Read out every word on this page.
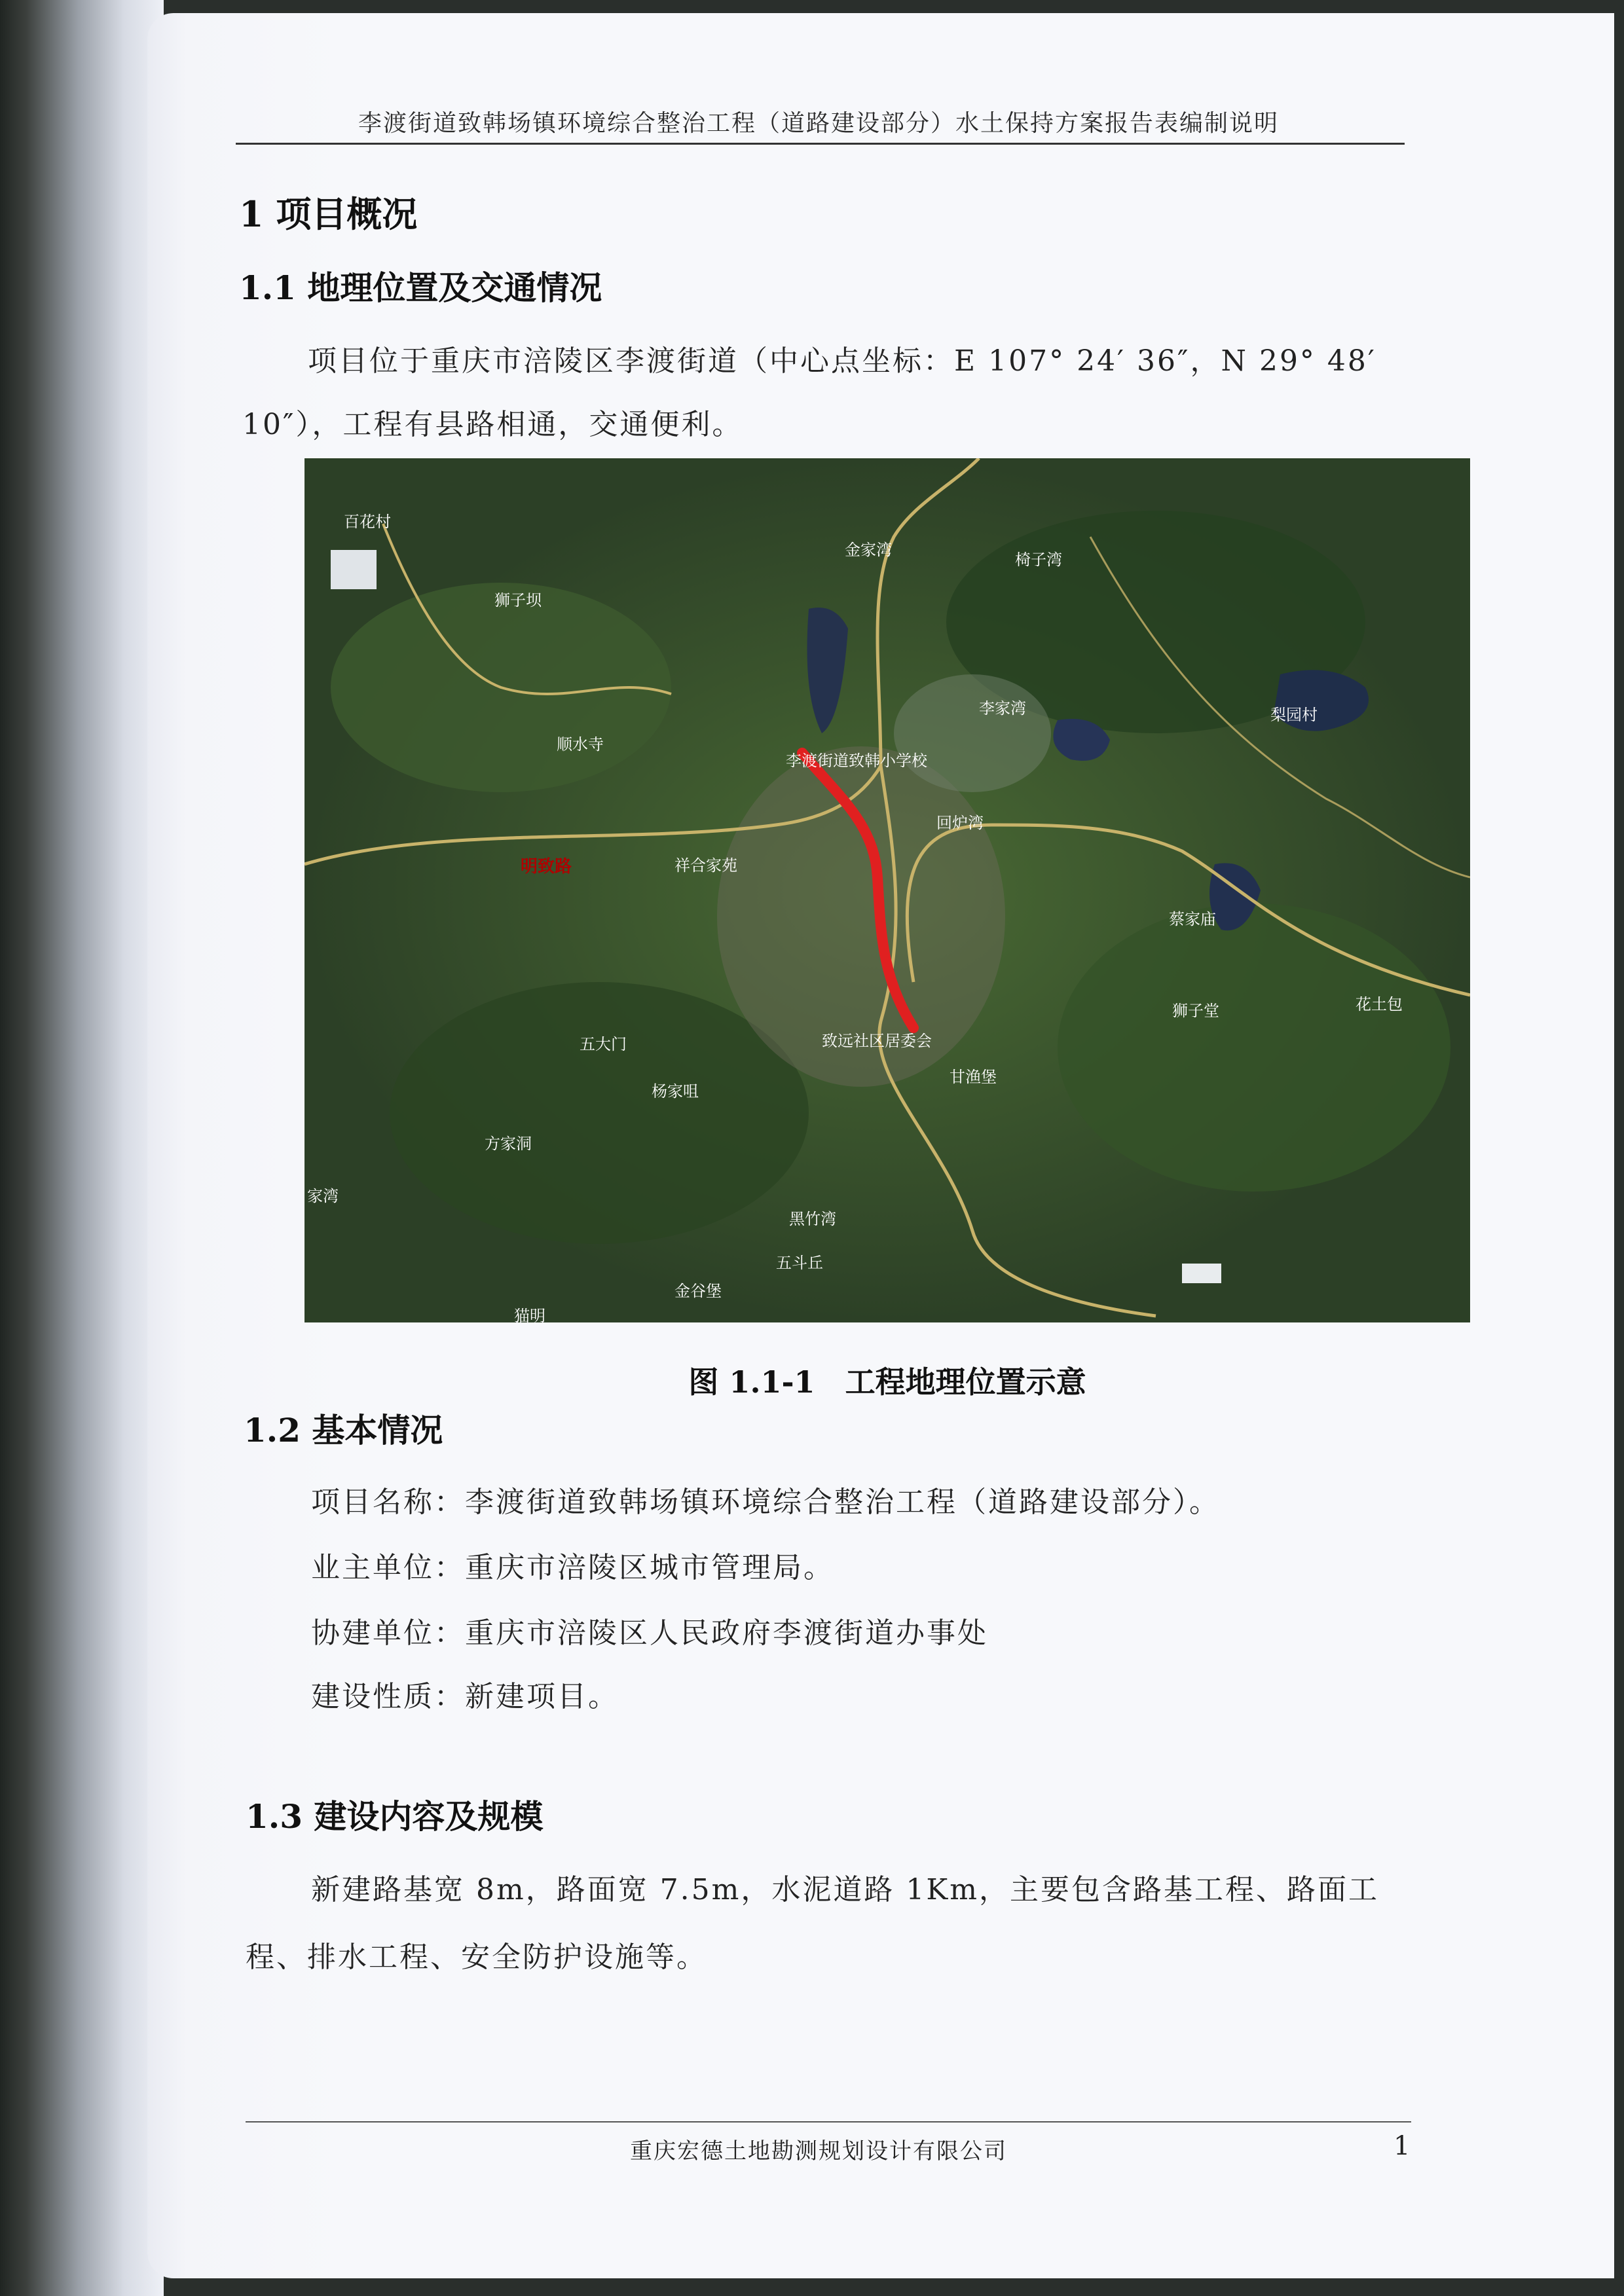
李渡街道致韩场镇环境综合整治工程（道路建设部分）水土保持方案报告表编制说明
1 项目概况
1.1 地理位置及交通情况
项目位于重庆市涪陵区李渡街道（中心点坐标：E 107° 24′ 36″，N 29° 48′
10″），工程有县路相通，交通便利。
百花村
金家湾
椅子湾
狮子坝
李家湾	梨园村
顺水寺
李渡街道致韩小学校
回炉湾
明致路	祥合家苑
蔡家庙
狮子堂	花土包
五大门	致远社区居委会
甘渔堡
杨家咀
方家洞
家湾
黑竹湾
五斗丘
金谷堡
猫明
图 1.1-1　工程地理位置示意
1.2 基本情况
项目名称：李渡街道致韩场镇环境综合整治工程（道路建设部分）。
业主单位：重庆市涪陵区城市管理局。
协建单位：重庆市涪陵区人民政府李渡街道办事处
建设性质：新建项目。
1.3 建设内容及规模
新建路基宽 8m，路面宽 7.5m，水泥道路 1Km，主要包含路基工程、路面工
程、排水工程、安全防护设施等。
重庆宏德土地勘测规划设计有限公司	1
